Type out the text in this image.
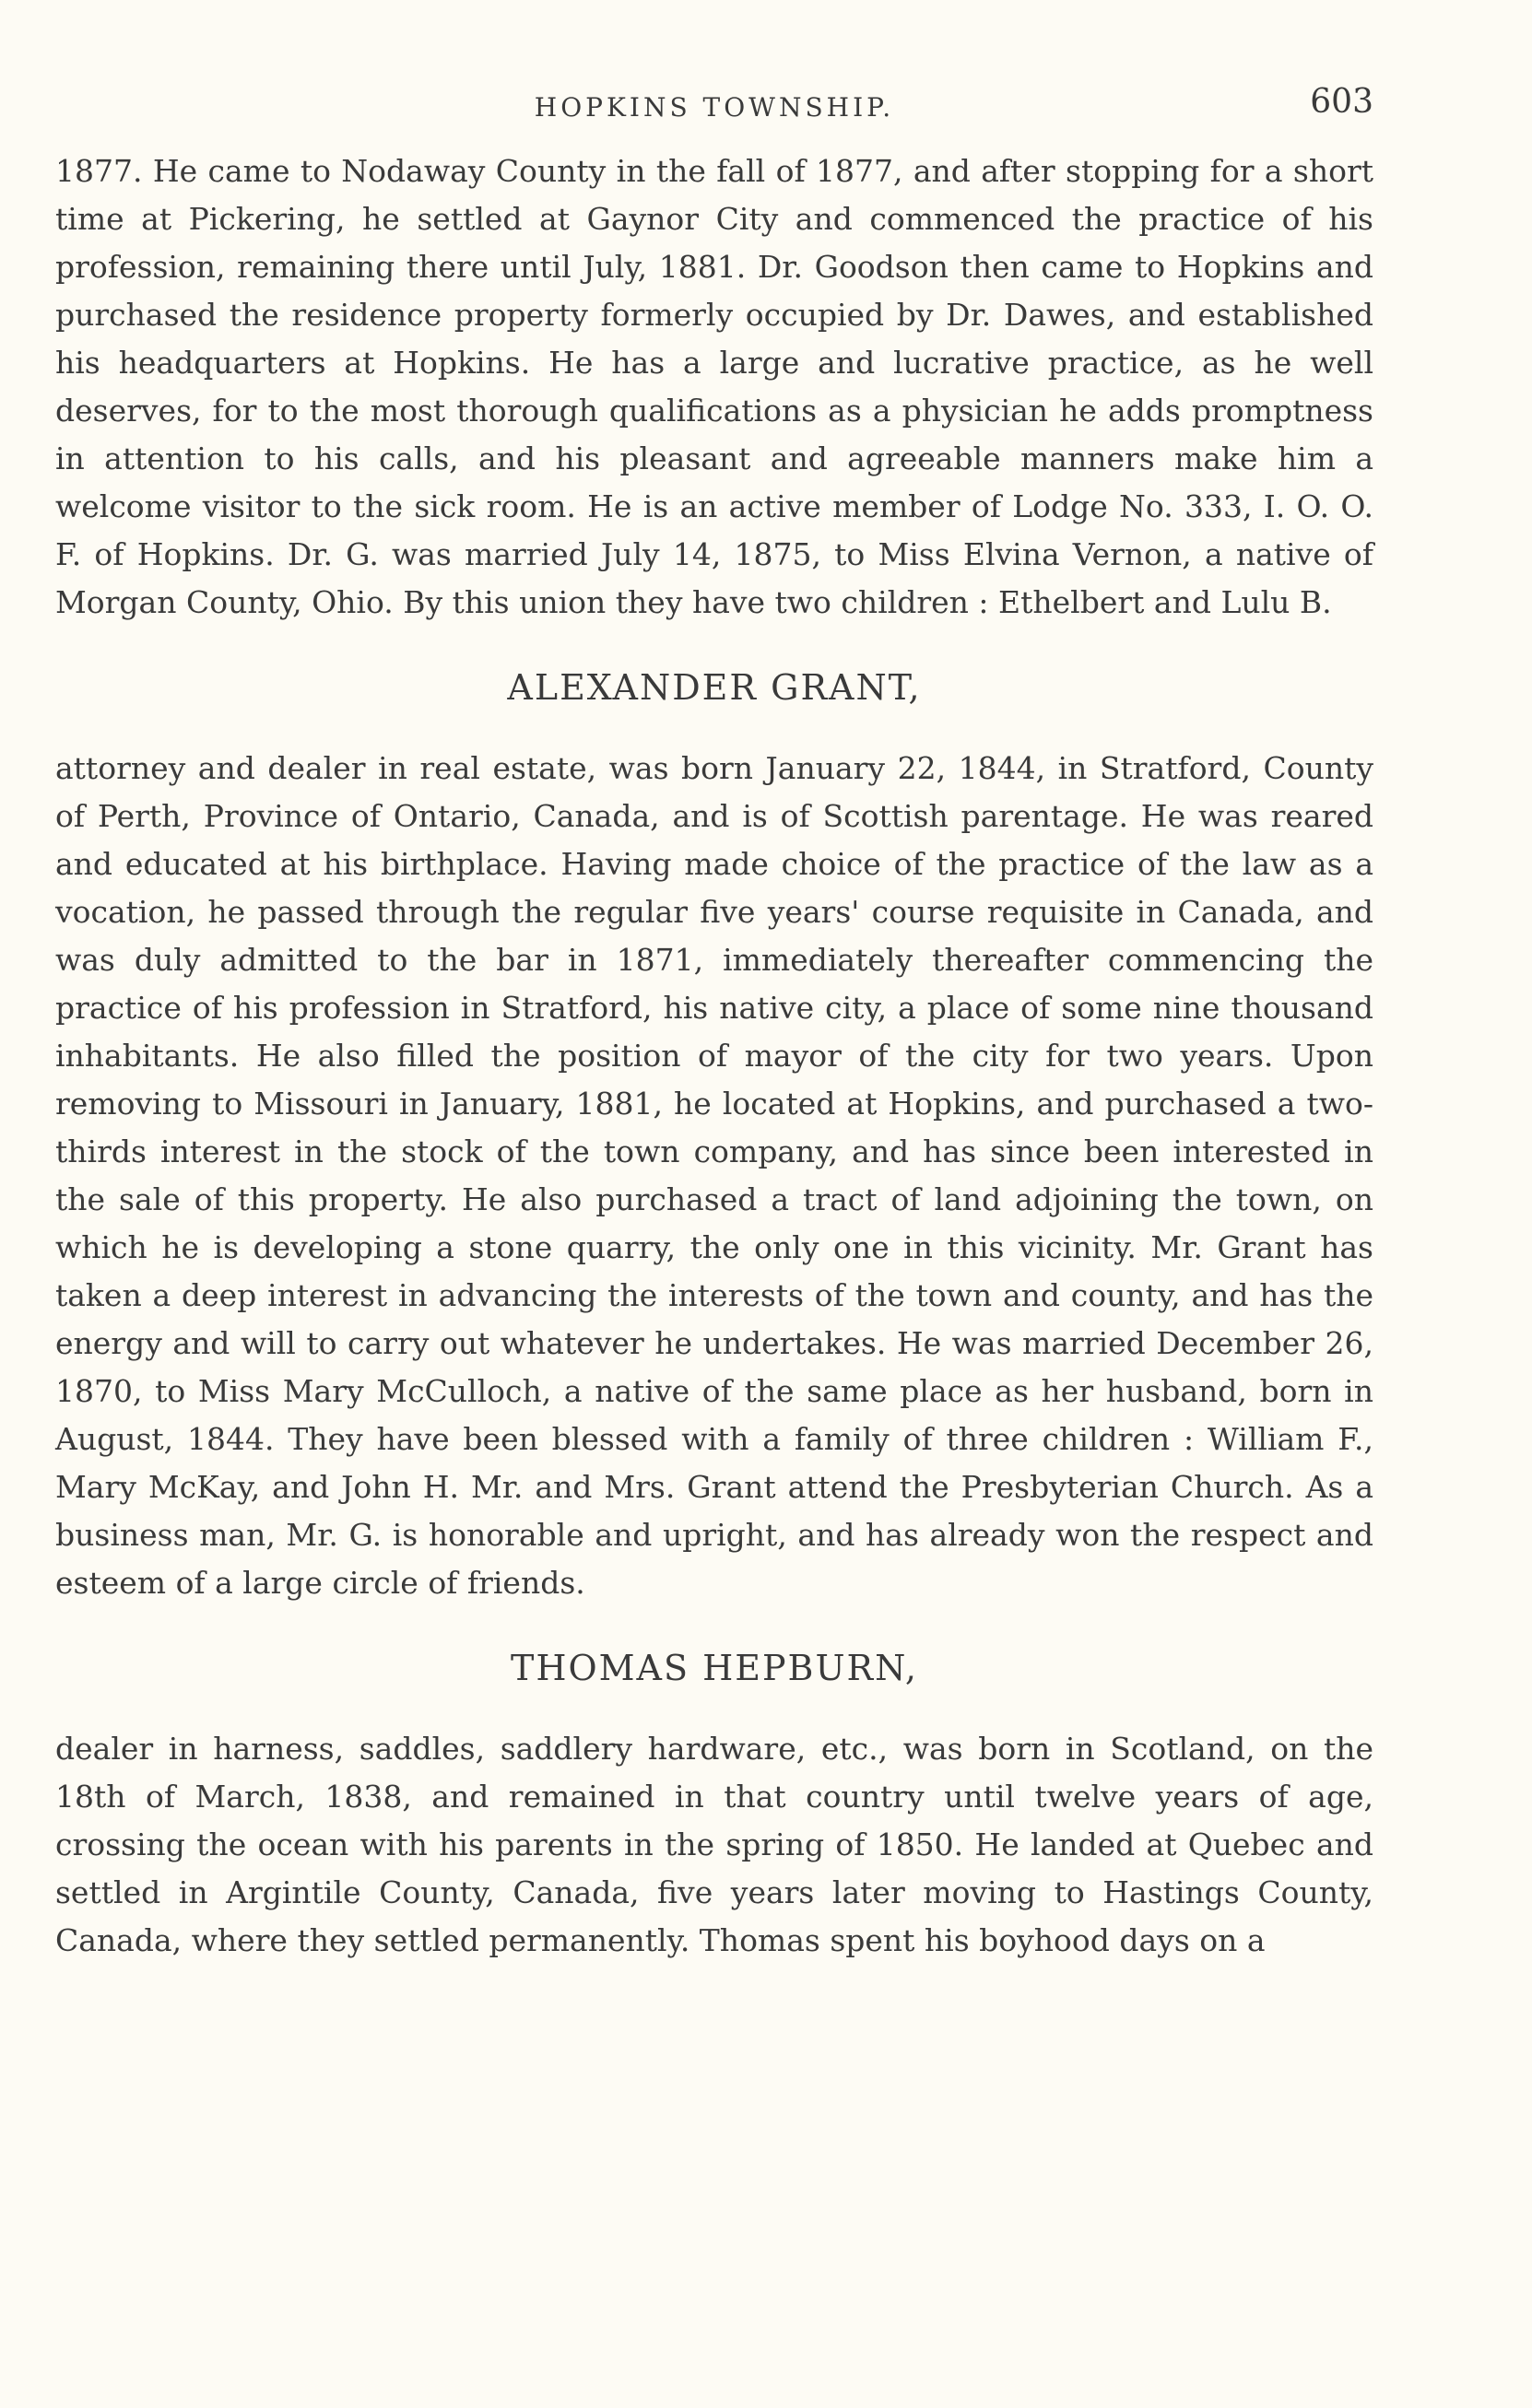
HOPKINS TOWNSHIP.	603

1877. He came to Nodaway County in the fall of 1877, and after stopping for a short time at Pickering, he settled at Gaynor City and commenced the practice of his profession, remaining there until July, 1881. Dr. Goodson then came to Hopkins and purchased the residence property formerly occupied by Dr. Dawes, and established his headquarters at Hopkins. He has a large and lucrative practice, as he well deserves, for to the most thorough qualifications as a physician he adds promptness in attention to his calls, and his pleasant and agreeable manners make him a welcome visitor to the sick room. He is an active member of Lodge No. 333, I. O. O. F. of Hopkins. Dr. G. was married July 14, 1875, to Miss Elvina Vernon, a native of Morgan County, Ohio. By this union they have two children : Ethelbert and Lulu B.

ALEXANDER GRANT,

attorney and dealer in real estate, was born January 22, 1844, in Stratford, County of Perth, Province of Ontario, Canada, and is of Scottish parentage. He was reared and educated at his birthplace. Having made choice of the practice of the law as a vocation, he passed through the regular five years' course requisite in Canada, and was duly admitted to the bar in 1871, immediately thereafter commencing the practice of his profession in Stratford, his native city, a place of some nine thousand inhabitants. He also filled the position of mayor of the city for two years. Upon removing to Missouri in January, 1881, he located at Hopkins, and purchased a two-thirds interest in the stock of the town company, and has since been interested in the sale of this property. He also purchased a tract of land adjoining the town, on which he is developing a stone quarry, the only one in this vicinity. Mr. Grant has taken a deep interest in advancing the interests of the town and county, and has the energy and will to carry out whatever he undertakes. He was married December 26, 1870, to Miss Mary McCulloch, a native of the same place as her husband, born in August, 1844. They have been blessed with a family of three children : William F., Mary McKay, and John H. Mr. and Mrs. Grant attend the Presbyterian Church. As a business man, Mr. G. is honorable and upright, and has already won the respect and esteem of a large circle of friends.

THOMAS HEPBURN,

dealer in harness, saddles, saddlery hardware, etc., was born in Scotland, on the 18th of March, 1838, and remained in that country until twelve years of age, crossing the ocean with his parents in the spring of 1850. He landed at Quebec and settled in Argintile County, Canada, five years later moving to Hastings County, Canada, where they settled permanently. Thomas spent his boyhood days on a
